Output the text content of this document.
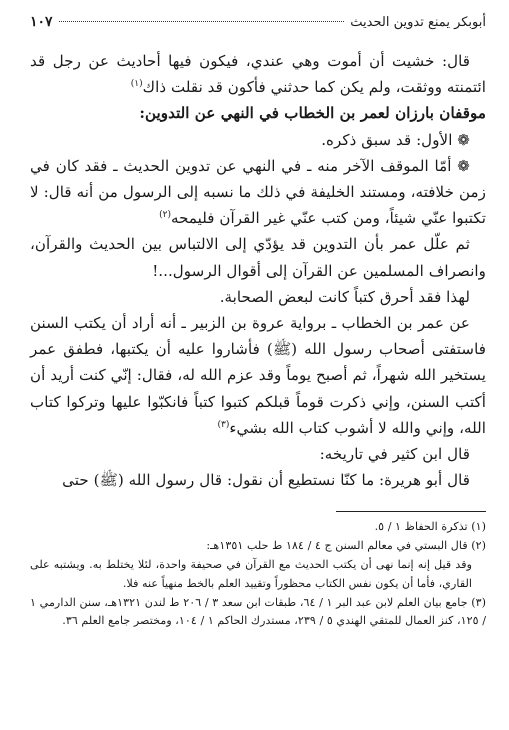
أبوبكر يمنع تدوين الحديث
١٠٧

قال: خشيت أن أموت وهي عندي، فيكون فيها أحاديث عن رجل قد ائتمنته ووثقت، ولم يكن كما حدثني فأكون قد نقلت ذاك$^{(١)}$

موقفان بارزان لعمر بن الخطاب في النهي عن التدوين:

❁ الأول: قد سبق ذكره.

❁ أمّا الموقف الآخر منه ـ في النهي عن تدوين الحديث ـ فقد كان في زمن خلافته، ومستند الخليفة في ذلك ما نسبه إلى الرسول من أنه قال: لا تكتبوا عنّي شيئاً، ومن كتب عنّي غير القرآن فليمحه$^{(٢)}$

ثم علّل عمر بأن التدوين قد يؤدّي إلى الالتباس بين الحديث والقرآن، وانصراف المسلمين عن القرآن إلى أقوال الرسول...!

لهذا فقد أحرق كتباً كانت لبعض الصحابة.

عن عمر بن الخطاب ـ برواية عروة بن الزبير ـ أنه أراد أن يكتب السنن فاستفتى أصحاب رسول الله (ﷺ) فأشاروا عليه أن يكتبها، فطفق عمر يستخير الله شهراً، ثم أصبح يوماً وقد عزم الله له، فقال: إنّي كنت أريد أن أكتب السنن، وإني ذكرت قوماً قبلكم كتبوا كتباً فانكبّوا عليها وتركوا كتاب الله، وإني والله لا أشوب كتاب الله بشيء$^{(٣)}$

قال ابن كثير في تاريخه:

قال أبو هريرة: ما كنّا نستطيع أن نقول: قال رسول الله (ﷺ) حتى

(١) تذكرة الحفاظ ١ / ٥.

(٢) قال البستي في معالم السنن ج ٤ / ١٨٤ ط حلب ١٣٥١هـ:

وقد قيل إنه إنما نهى أن يكتب الحديث مع القرآن في صحيفة واحدة، لئلا يختلط به. ويشتبه على القاري، فأما أن يكون نفس الكتاب محظوراً وتقييد العلم بالخط منهياً عنه فلا.

(٣) جامع بيان العلم لابن عبد البر ١ / ٦٤، طبقات ابن سعد ٣ / ٢٠٦ ط لندن ١٣٢١هـ، سنن الدارمي ١ / ١٢٥، كنز العمال للمتقي الهندي ٥ / ٢٣٩، مستدرك الحاكم ١ / ١٠٤، ومختصر جامع العلم ٣٦.
